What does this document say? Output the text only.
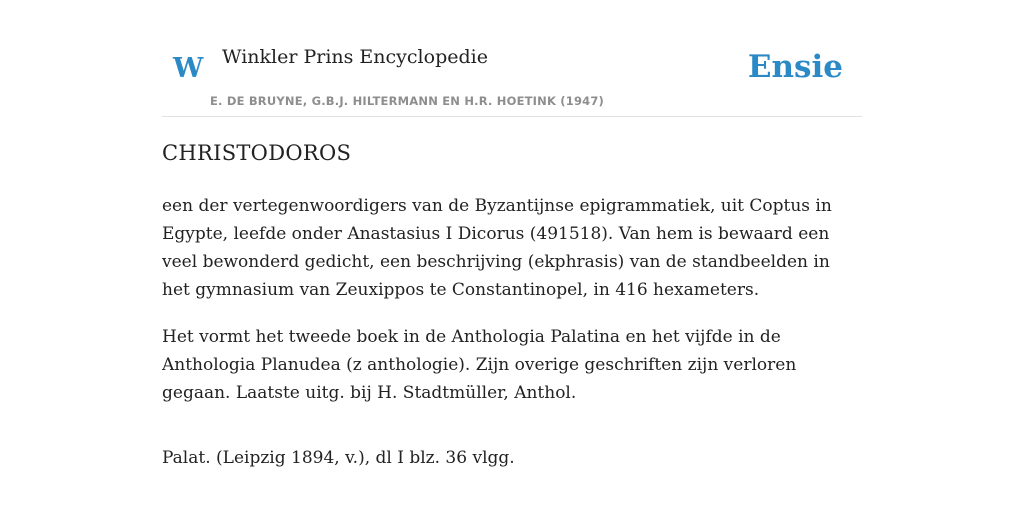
W Winkler Prins Encyclopedie
E. DE BRUYNE, G.B.J. HILTERMANN EN H.R. HOETINK (1947)
Ensie
CHRISTODOROS

een der vertegenwoordigers van de Byzantijnse epigrammatiek, uit Coptus in Egypte, leefde onder Anastasius I Dicorus (491518). Van hem is bewaard een veel bewonderd gedicht, een beschrijving (ekphrasis) van de standbeelden in het gymnasium van Zeuxippos te Constantinopel, in 416 hexameters.

Het vormt het tweede boek in de Anthologia Palatina en het vijfde in de Anthologia Planudea (z anthologie). Zijn overige geschriften zijn verloren gegaan. Laatste uitg. bij H. Stadtmüller, Anthol.

Palat. (Leipzig 1894, v.), dl I blz. 36 vlgg.
